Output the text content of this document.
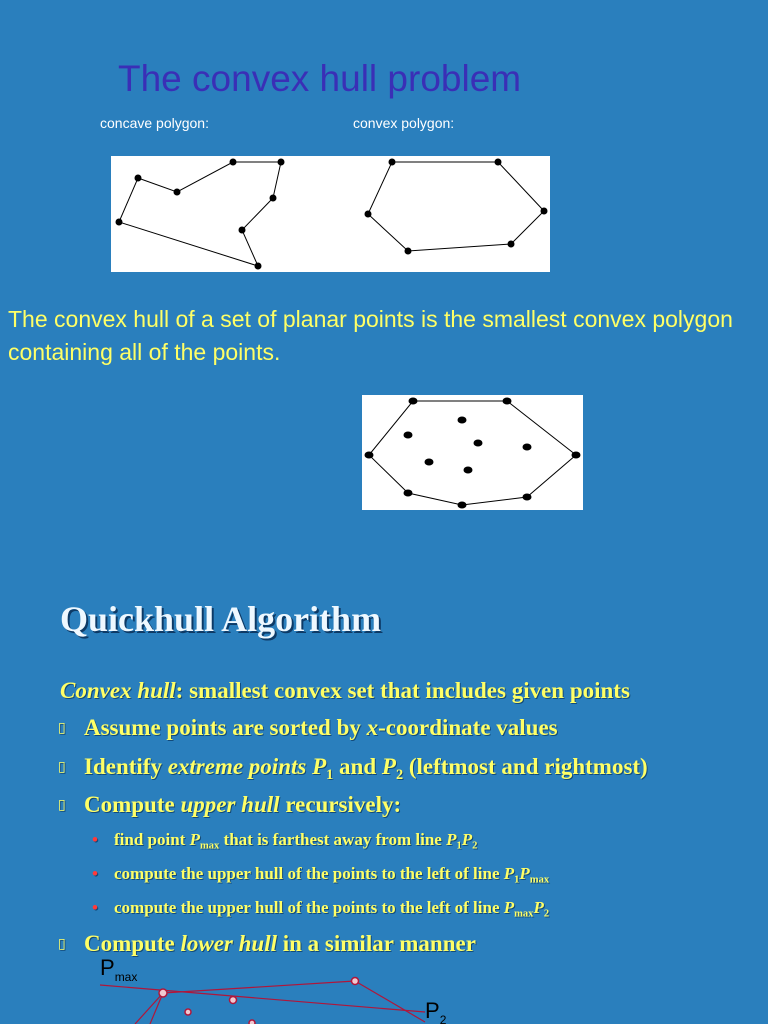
The convex hull problem
concave polygon:	convex polygon:
The convex hull of a set of planar points is the smallest convex polygon containing all of the points.
Quickhull Algorithm
Convex hull: smallest convex set that includes given points
▯ Assume points are sorted by x-coordinate values
▯ Identify extreme points $P_1$ and $P_2$ (leftmost and rightmost)
▯ Compute upper hull recursively:
• find point $P_{max}$ that is farthest away from line $P_1P_2$
• compute the upper hull of the points to the left of line $P_1P_{max}$
• compute the upper hull of the points to the left of line $P_{max}P_2$
▯ Compute lower hull in a similar manner
$P_{max}$
$P_2$
